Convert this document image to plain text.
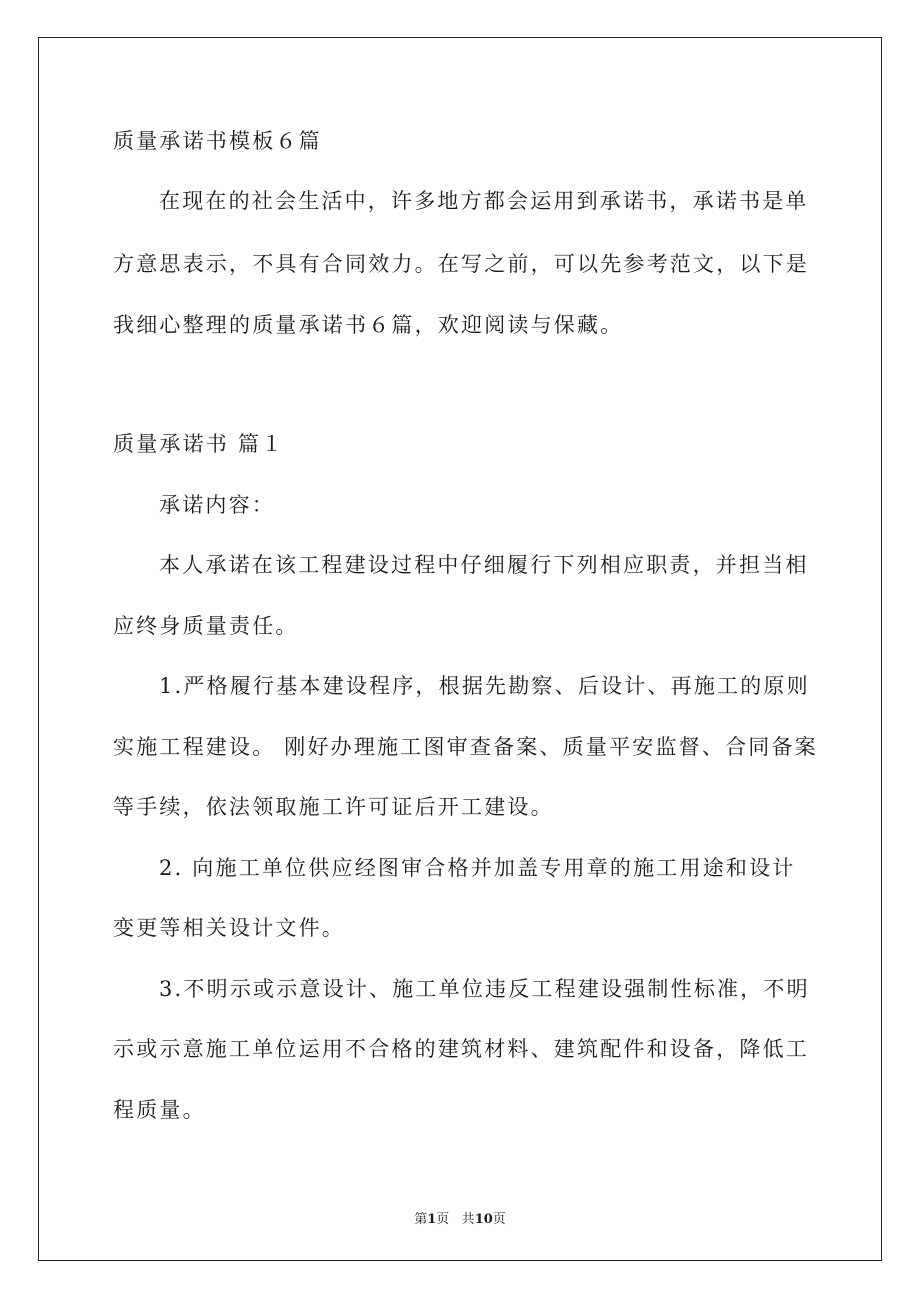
质量承诺书模板６篇
在现在的社会生活中，许多地方都会运用到承诺书，承诺书是单
方意思表示，不具有合同效力。在写之前，可以先参考范文，以下是
我细心整理的质量承诺书６篇，欢迎阅读与保藏。
质量承诺书 篇１
承诺内容：
本人承诺在该工程建设过程中仔细履行下列相应职责，并担当相
应终身质量责任。
1.严格履行基本建设程序，根据先勘察、后设计、再施工的原则
实施工程建设。 刚好办理施工图审查备案、质量平安监督、合同备案
等手续，依法领取施工许可证后开工建设。
2. 向施工单位供应经图审合格并加盖专用章的施工用途和设计
变更等相关设计文件。
3.不明示或示意设计、施工单位违反工程建设强制性标准，不明
示或示意施工单位运用不合格的建筑材料、建筑配件和设备，降低工
程质量。
第1页 共10页
